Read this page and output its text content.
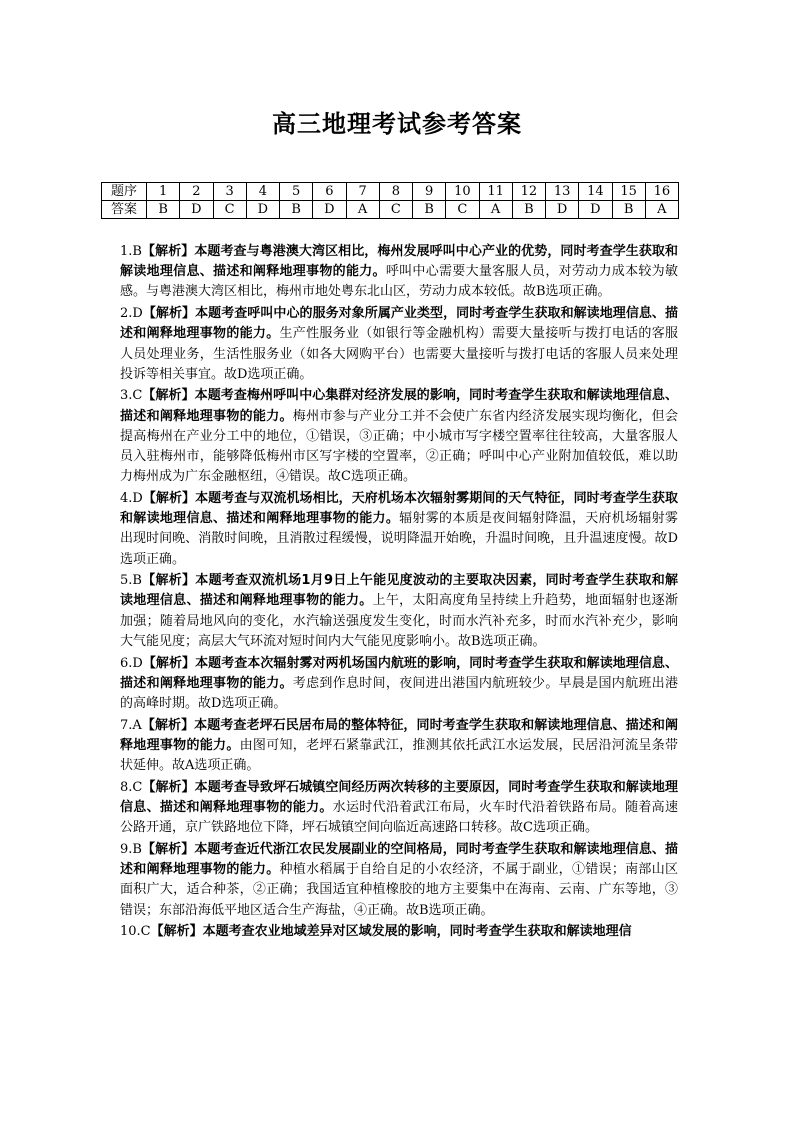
高三地理考试参考答案
题序	1	2	3	4	5	6	7	8	9	10	11	12	13	14	15	16
答案	B	D	C	D	B	D	A	C	B	C	A	B	D	D	B	A

1.B【解析】本题考查与粤港澳大湾区相比，梅州发展呼叫中心产业的优势，同时考查学生获取和解读地理信息、描述和阐释地理事物的能力。呼叫中心需要大量客服人员，对劳动力成本较为敏感。与粤港澳大湾区相比，梅州市地处粤东北山区，劳动力成本较低。故B选项正确。

2.D【解析】本题考查呼叫中心的服务对象所属产业类型，同时考查学生获取和解读地理信息、描述和阐释地理事物的能力。生产性服务业（如银行等金融机构）需要大量接听与拨打电话的客服人员处理业务，生活性服务业（如各大网购平台）也需要大量接听与拨打电话的客服人员来处理投诉等相关事宜。故D选项正确。

3.C【解析】本题考查梅州呼叫中心集群对经济发展的影响，同时考查学生获取和解读地理信息、描述和阐释地理事物的能力。梅州市参与产业分工并不会使广东省内经济发展实现均衡化，但会提高梅州在产业分工中的地位，①错误，③正确；中小城市写字楼空置率往往较高，大量客服人员入驻梅州市，能够降低梅州市区写字楼的空置率，②正确；呼叫中心产业附加值较低，难以助力梅州成为广东金融枢纽，④错误。故C选项正确。

4.D【解析】本题考查与双流机场相比，天府机场本次辐射雾期间的天气特征，同时考查学生获取和解读地理信息、描述和阐释地理事物的能力。辐射雾的本质是夜间辐射降温，天府机场辐射雾出现时间晚、消散时间晚，且消散过程缓慢，说明降温开始晚，升温时间晚，且升温速度慢。故D选项正确。

5.B【解析】本题考查双流机场1月9日上午能见度波动的主要取决因素，同时考查学生获取和解读地理信息、描述和阐释地理事物的能力。上午，太阳高度角呈持续上升趋势，地面辐射也逐渐加强；随着局地风向的变化，水汽输送强度发生变化，时而水汽补充多，时而水汽补充少，影响大气能见度；高层大气环流对短时间内大气能见度影响小。故B选项正确。

6.D【解析】本题考查本次辐射雾对两机场国内航班的影响，同时考查学生获取和解读地理信息、描述和阐释地理事物的能力。考虑到作息时间，夜间进出港国内航班较少。早晨是国内航班出港的高峰时期。故D选项正确。

7.A【解析】本题考查老坪石民居布局的整体特征，同时考查学生获取和解读地理信息、描述和阐释地理事物的能力。由图可知，老坪石紧靠武江，推测其依托武江水运发展，民居沿河流呈条带状延伸。故A选项正确。

8.C【解析】本题考查导致坪石城镇空间经历两次转移的主要原因，同时考查学生获取和解读地理信息、描述和阐释地理事物的能力。水运时代沿着武江布局，火车时代沿着铁路布局。随着高速公路开通，京广铁路地位下降，坪石城镇空间向临近高速路口转移。故C选项正确。

9.B【解析】本题考查近代浙江农民发展副业的空间格局，同时考查学生获取和解读地理信息、描述和阐释地理事物的能力。种植水稻属于自给自足的小农经济，不属于副业，①错误；南部山区面积广大，适合种茶，②正确；我国适宜种植橡胶的地方主要集中在海南、云南、广东等地，③错误；东部沿海低平地区适合生产海盐，④正确。故B选项正确。

10.C【解析】本题考查农业地域差异对区域发展的影响，同时考查学生获取和解读地理信
